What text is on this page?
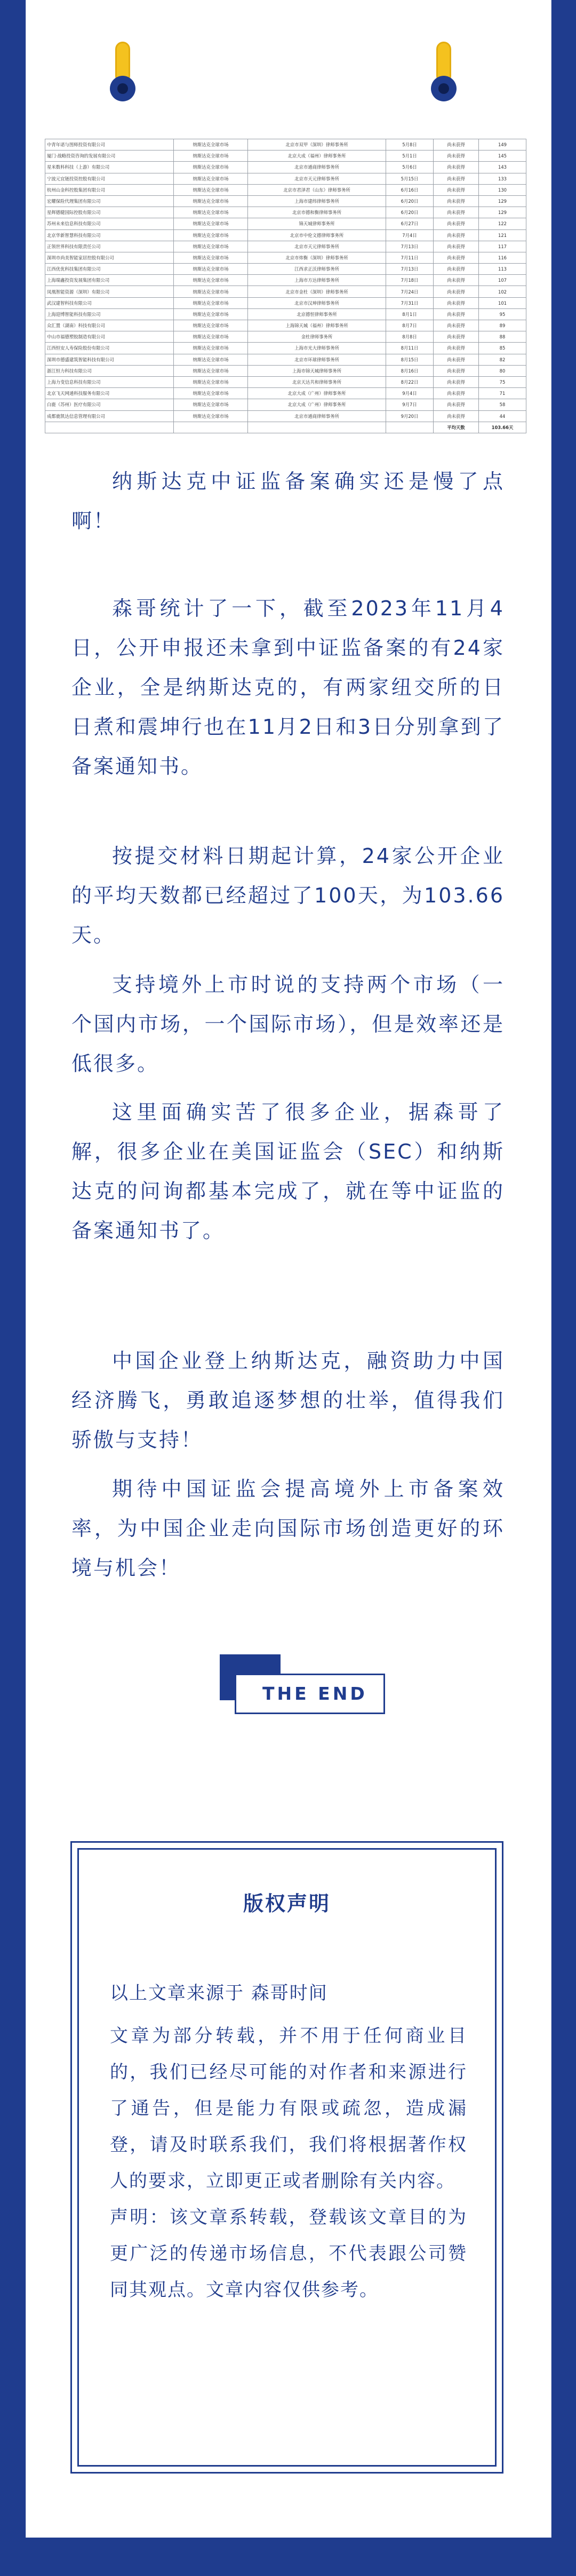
中青年诺与图师投资有限公司	纳斯达克全球市场	北京市双甲（深圳）律师事务所	5月8日	尚未获得	149
厦门·战略投资咨询的发展有限公司	纳斯达克全球市场	北京大成（福州）律师事务所	5月1日	尚未获得	145
星米数科科技（上游）有限公司	纳斯达克全球市场	北京市通商律师事务所	5月6日	尚未获得	143
宁波元宜链投资控股有限公司	纳斯达克全球市场	北京市天元律师事务所	5月15日	尚未获得	133
杭州山金科控股集团有限公司	纳斯达克全球市场	北京市君泽君（山东）律师事务所	6月16日	尚未获得	130
宏耀保险代理集团有限公司	纳斯达克全球市场	上海市建纬律师事务所	6月20日	尚未获得	129
星辉德健国际控股有限公司	纳斯达克全球市场	北京市德和衡律师事务所	6月20日	尚未获得	129
苏州未来信息科技有限公司	纳斯达克全球市场	锦天城律师事务所	6月27日	尚未获得	122
北京华新智慧科技有限公司	纳斯达克全球市场	北京市中伦文德律师事务所	7月4日	尚未获得	121
正领世界科技有限责任公司	纳斯达克全球市场	北京市天元律师事务所	7月13日	尚未获得	117
深圳市尚美智能家居控股有限公司	纳斯达克全球市场	北京市炜衡（深圳）律师事务所	7月11日	尚未获得	116
江西优优科技集团有限公司	纳斯达克全球市场	江西求正沃律师事务所	7月13日	尚未获得	113
上海瑞鑫投资发展集团有限公司	纳斯达克全球市场	上海市方达律师事务所	7月18日	尚未获得	107
凤凰智能资源（深圳）有限公司	纳斯达克全球市场	北京市金杜（深圳）律师事务所	7月24日	尚未获得	102
武汉建智科技有限公司	纳斯达克全球市场	北京市汉坤律师事务所	7月31日	尚未获得	101
上海迎博智能科技有限公司	纳斯达克全球市场	北京德恒律师事务所	8月1日	尚未获得	95
众汇置（湖南）科技有限公司	纳斯达克全球市场	上海锦天城（福州）律师事务所	8月7日	尚未获得	89
中山市福德塑胶制造有限公司	纳斯达克全球市场	金杜律师事务所	8月8日	尚未获得	88
江西恒安人寿保险股份有限公司	纳斯达克全球市场	上海市光大律师事务所	8月11日	尚未获得	85
深圳市德盛建筑智能科技有限公司	纳斯达克全球市场	北京市环球律师事务所	8月15日	尚未获得	82
浙江恒力科技有限公司	纳斯达克全球市场	上海市锦天城律师事务所	8月16日	尚未获得	80
上海力变信息科技有限公司	纳斯达克全球市场	北京天达共和律师事务所	8月22日	尚未获得	75
北京飞天网通科技服务有限公司	纳斯达克全球市场	北京大成（广州）律师事务所	9月4日	尚未获得	71
白鹿（苏州）医疗有限公司	纳斯达克全球市场	北京大成（广州）律师事务所	9月7日	尚未获得	58
成都鹿凯达信息管理有限公司	纳斯达克全球市场	北京市通商律师事务所	9月20日	尚未获得	44
				平均天数	103.66天

纳斯达克中证监备案确实还是慢了点啊！

森哥统计了一下，截至2023年11月4日，公开申报还未拿到中证监备案的有24家企业，全是纳斯达克的，有两家纽交所的日日煮和震坤行也在11月2日和3日分别拿到了备案通知书。

按提交材料日期起计算，24家公开企业的平均天数都已经超过了100天，为103.66天。

支持境外上市时说的支持两个市场（一个国内市场，一个国际市场），但是效率还是低很多。

这里面确实苦了很多企业，据森哥了解，很多企业在美国证监会（SEC）和纳斯达克的问询都基本完成了，就在等中证监的备案通知书了。

中国企业登上纳斯达克，融资助力中国经济腾飞，勇敢追逐梦想的壮举，值得我们骄傲与支持！

期待中国证监会提高境外上市备案效率，为中国企业走向国际市场创造更好的环境与机会！

THE END
版权声明

以上文章来源于 森哥时间

文章为部分转载，并不用于任何商业目的，我们已经尽可能的对作者和来源进行了通告，但是能力有限或疏忽，造成漏登，请及时联系我们，我们将根据著作权人的要求，立即更正或者删除有关内容。

声明：该文章系转载，登载该文章目的为更广泛的传递市场信息，不代表跟公司赞同其观点。文章内容仅供参考。
